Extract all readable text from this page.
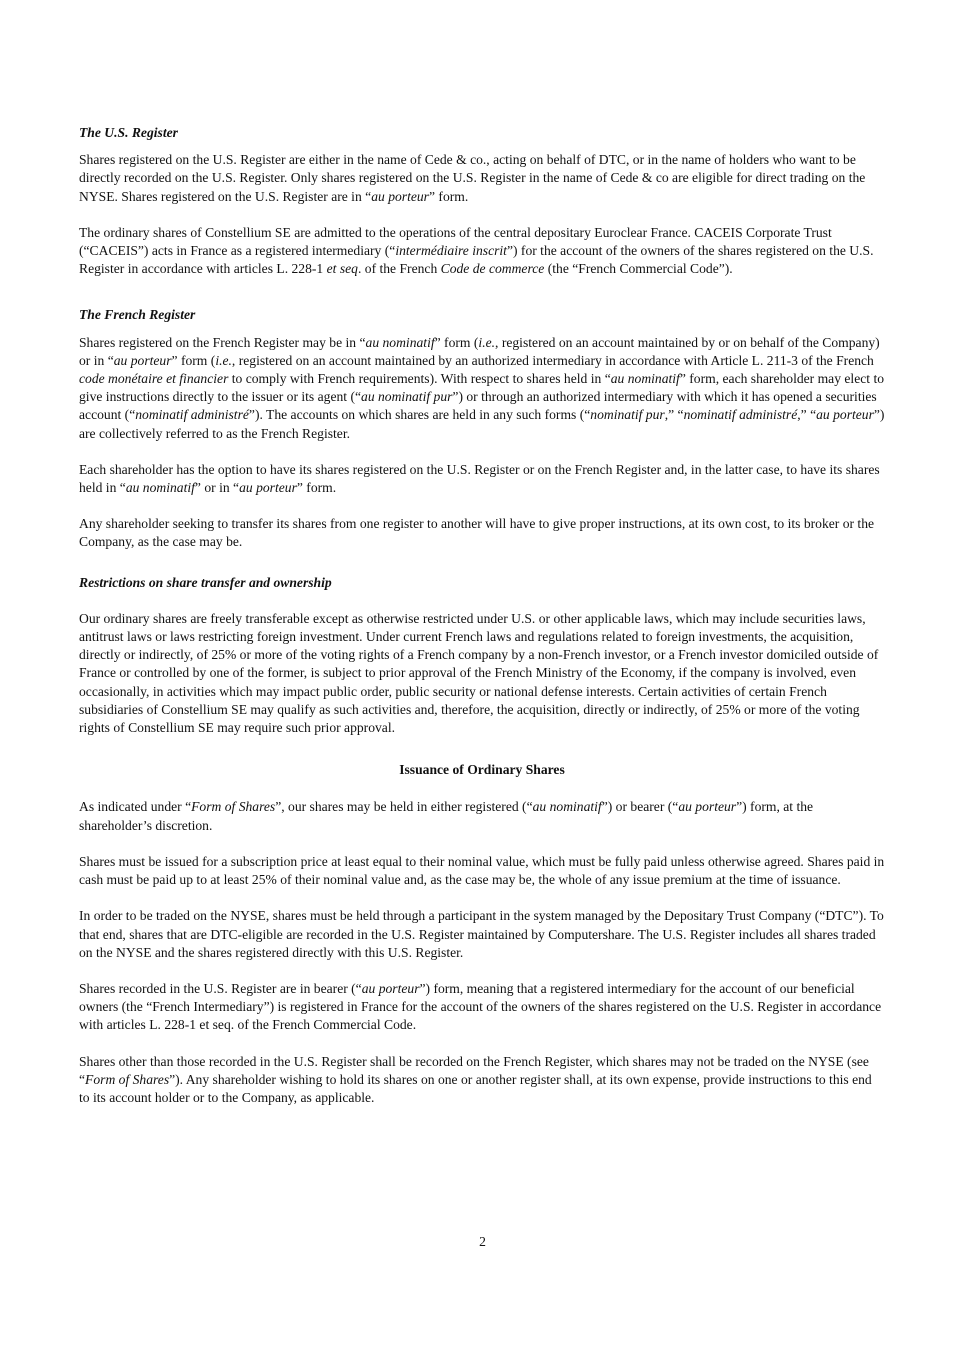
The U.S. Register

Shares registered on the U.S. Register are either in the name of Cede & co., acting on behalf of DTC, or in the name of holders who want to be directly recorded on the U.S. Register. Only shares registered on the U.S. Register in the name of Cede & co are eligible for direct trading on the NYSE. Shares registered on the U.S. Register are in “au porteur” form.

The ordinary shares of Constellium SE are admitted to the operations of the central depositary Euroclear France. CACEIS Corporate Trust (“CACEIS”) acts in France as a registered intermediary (“intermédiaire inscrit”) for the account of the owners of the shares registered on the U.S. Register in accordance with articles L. 228-1 et seq. of the French Code de commerce (the “French Commercial Code”).

The French Register

Shares registered on the French Register may be in “au nominatif” form (i.e., registered on an account maintained by or on behalf of the Company) or in “au porteur” form (i.e., registered on an account maintained by an authorized intermediary in accordance with Article L. 211-3 of the French code monétaire et financier to comply with French requirements). With respect to shares held in “au nominatif” form, each shareholder may elect to give instructions directly to the issuer or its agent (“au nominatif pur”) or through an authorized intermediary with which it has opened a securities account (“nominatif administré”). The accounts on which shares are held in any such forms (“nominatif pur,” “nominatif administré,” “au porteur”) are collectively referred to as the French Register.

Each shareholder has the option to have its shares registered on the U.S. Register or on the French Register and, in the latter case, to have its shares held in “au nominatif” or in “au porteur” form.

Any shareholder seeking to transfer its shares from one register to another will have to give proper instructions, at its own cost, to its broker or the Company, as the case may be.

Restrictions on share transfer and ownership

Our ordinary shares are freely transferable except as otherwise restricted under U.S. or other applicable laws, which may include securities laws, antitrust laws or laws restricting foreign investment. Under current French laws and regulations related to foreign investments, the acquisition, directly or indirectly, of 25% or more of the voting rights of a French company by a non-French investor, or a French investor domiciled outside of France or controlled by one of the former, is subject to prior approval of the French Ministry of the Economy, if the company is involved, even occasionally, in activities which may impact public order, public security or national defense interests. Certain activities of certain French subsidiaries of Constellium SE may qualify as such activities and, therefore, the acquisition, directly or indirectly, of 25% or more of the voting rights of Constellium SE may require such prior approval.

Issuance of Ordinary Shares

As indicated under “Form of Shares”, our shares may be held in either registered (“au nominatif”) or bearer (“au porteur”) form, at the shareholder’s discretion.

Shares must be issued for a subscription price at least equal to their nominal value, which must be fully paid unless otherwise agreed. Shares paid in cash must be paid up to at least 25% of their nominal value and, as the case may be, the whole of any issue premium at the time of issuance.

In order to be traded on the NYSE, shares must be held through a participant in the system managed by the Depositary Trust Company (“DTC”). To that end, shares that are DTC-eligible are recorded in the U.S. Register maintained by Computershare. The U.S. Register includes all shares traded on the NYSE and the shares registered directly with this U.S. Register.

Shares recorded in the U.S. Register are in bearer (“au porteur”) form, meaning that a registered intermediary for the account of our beneficial owners (the “French Intermediary”) is registered in France for the account of the owners of the shares registered on the U.S. Register in accordance with articles L. 228-1 et seq. of the French Commercial Code.

Shares other than those recorded in the U.S. Register shall be recorded on the French Register, which shares may not be traded on the NYSE (see “Form of Shares”). Any shareholder wishing to hold its shares on one or another register shall, at its own expense, provide instructions to this end to its account holder or to the Company, as applicable.

2
